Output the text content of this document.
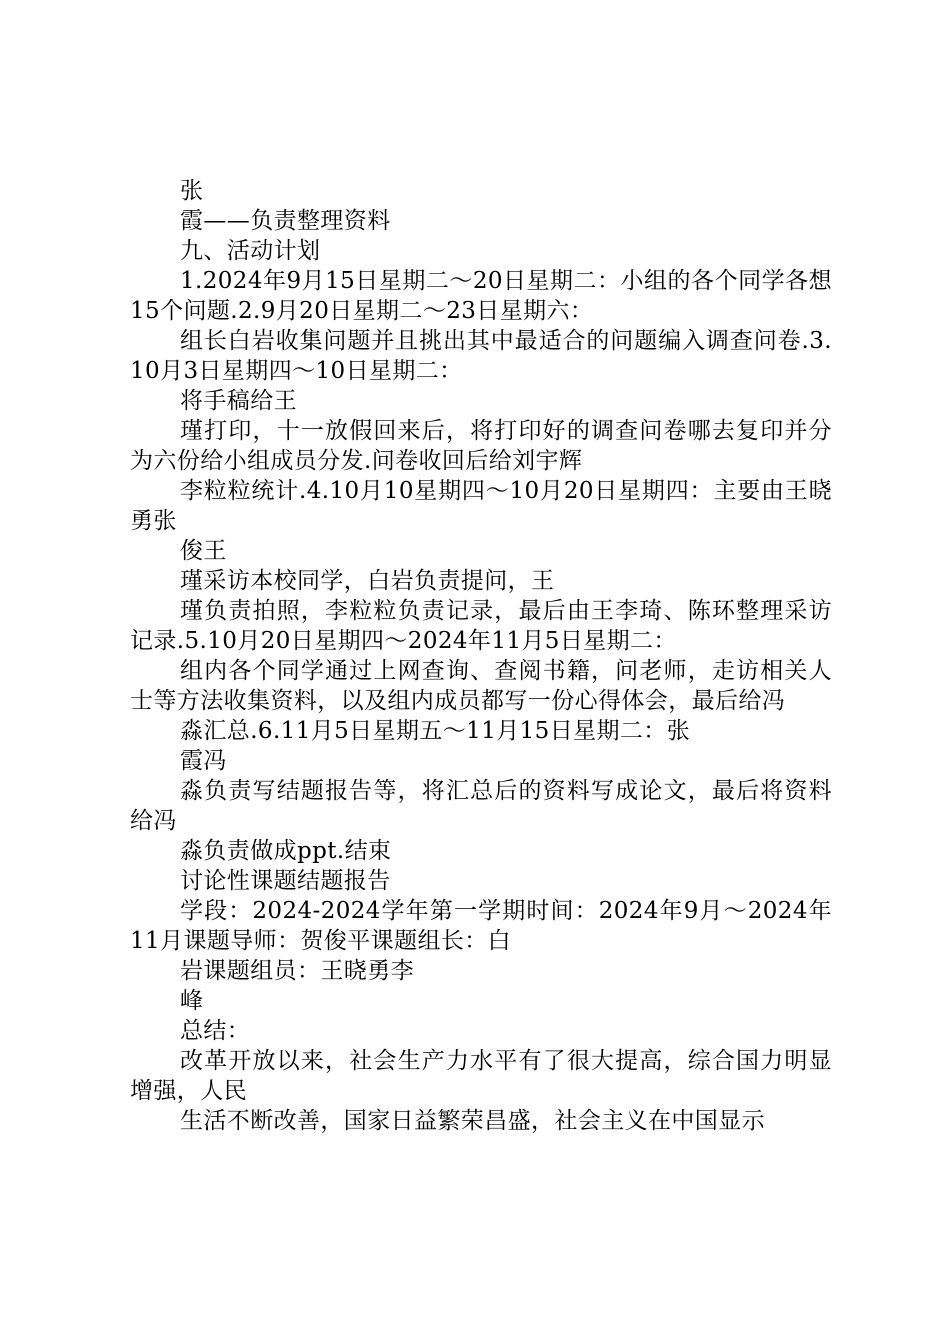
张

霞——负责整理资料

九、活动计划

1.2024年9月15日星期二～20日星期二：小组的各个同学各想15个问题.2.9月20日星期二～23日星期六：

组长白岩收集问题并且挑出其中最适合的问题编入调查问卷.3.10月3日星期四～10日星期二：

将手稿给王

瑾打印，十一放假回来后，将打印好的调查问卷哪去复印并分为六份给小组成员分发.问卷收回后给刘宇辉

李粒粒统计.4.10月10星期四～10月20日星期四：主要由王晓勇张

俊王

瑾采访本校同学，白岩负责提问，王

瑾负责拍照，李粒粒负责记录，最后由王李琦、陈环整理采访记录.5.10月20日星期四～2024年11月5日星期二：

组内各个同学通过上网查询、查阅书籍，问老师，走访相关人士等方法收集资料，以及组内成员都写一份心得体会，最后给冯

淼汇总.6.11月5日星期五～11月15日星期二：张

霞冯

淼负责写结题报告等，将汇总后的资料写成论文，最后将资料给冯

淼负责做成ppt.结束

讨论性课题结题报告

学段：2024-2024学年第一学期时间：2024年9月～2024年11月课题导师：贺俊平课题组长：白

岩课题组员：王晓勇李

峰

总结：

改革开放以来，社会生产力水平有了很大提高，综合国力明显增强，人民

生活不断改善，国家日益繁荣昌盛，社会主义在中国显示
